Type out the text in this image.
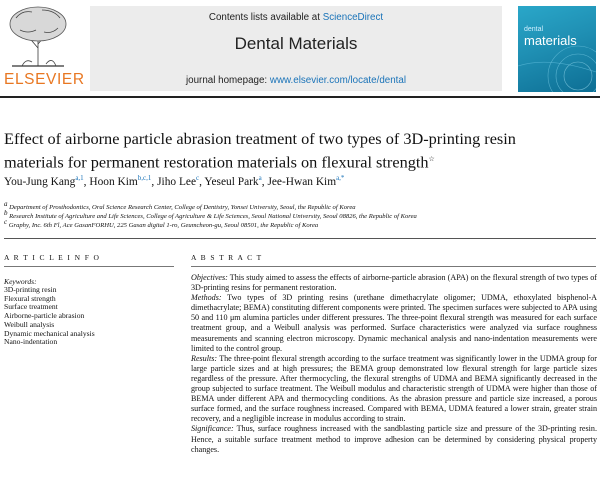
ELSEVIER
Contents lists available at ScienceDirect
Dental Materials
journal homepage: www.elsevier.com/locate/dental
dental
materials
Effect of airborne particle abrasion treatment of two types of 3D-printing resin materials for permanent restoration materials on flexural strength☆
You-Jung Kang$^{a,1}$, Hoon Kim$^{b,c,1}$, Jiho Lee$^c$, Yeseul Park$^a$, Jee-Hwan Kim$^{a,*}$
$^a$ Department of Prosthodontics, Oral Science Research Center, College of Dentistry, Yonsei University, Seoul, the Republic of Korea
$^b$ Research Institute of Agriculture and Life Sciences, College of Agriculture & Life Sciences, Seoul National University, Seoul 08826, the Republic of Korea
$^c$ Graphy, Inc. 6th Fl, Ace GasanFORHU, 225 Gasan digital 1-ro, Geumcheon-gu, Seoul 08501, the Republic of Korea
A R T I C L E I N F O
Keywords:
3D-printing resin
Flexural strength
Surface treatment
Airborne-particle abrasion
Weibull analysis
Dynamic mechanical analysis
Nano-indentation
A B S T R A C T

Objectives: This study aimed to assess the effects of airborne-particle abrasion (APA) on the flexural strength of two types of 3D-printing resins for permanent restoration.

Methods: Two types of 3D printing resins (urethane dimethacrylate oligomer; UDMA, ethoxylated bisphenol-A dimethacrylate; BEMA) constituting different components were printed. The specimen surfaces were subjected to APA using 50 and 110 μm alumina particles under different pressures. The three-point flexural strength was measured for each surface treatment group, and a Weibull analysis was performed. Surface characteristics were analyzed via surface roughness measurements and scanning electron microscopy. Dynamic mechanical analysis and nano-indentation measurements were limited to the control group.

Results: The three-point flexural strength according to the surface treatment was significantly lower in the UDMA group for large particle sizes and at high pressures; the BEMA group demonstrated low flexural strength for large particle sizes regardless of the pressure. After thermocycling, the flexural strengths of UDMA and BEMA significantly decreased in the group subjected to surface treatment. The Weibull modulus and characteristic strength of UDMA were higher than those of BEMA under different APA and thermocycling conditions. As the abrasion pressure and particle size increased, a porous surface formed, and the surface roughness increased. Compared with BEMA, UDMA featured a lower strain, greater strain recovery, and a negligible increase in modulus according to strain.

Significance: Thus, surface roughness increased with the sandblasting particle size and pressure of the 3D-printing resin. Hence, a suitable surface treatment method to improve adhesion can be determined by considering physical property changes.
